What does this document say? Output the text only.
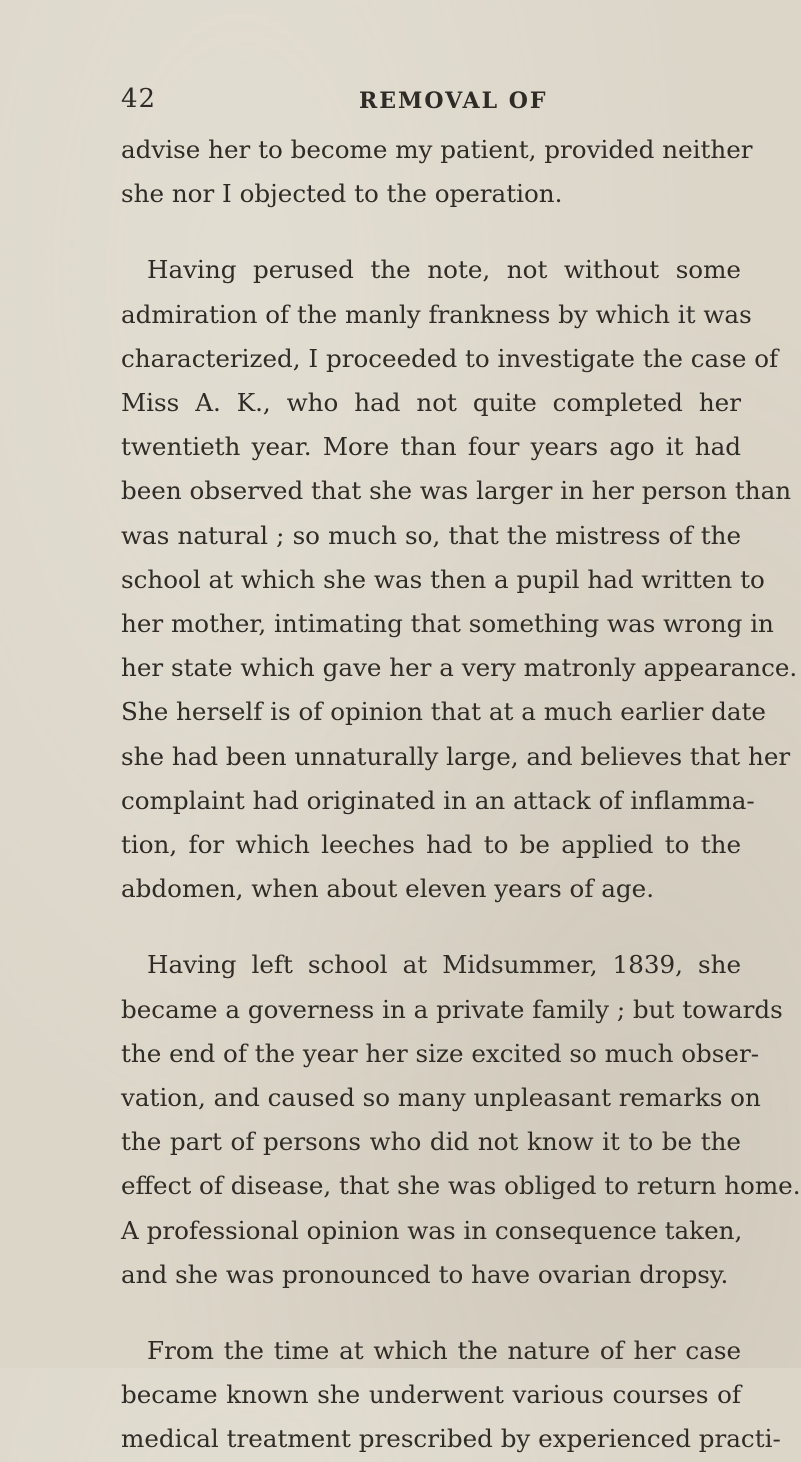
42	REMOVAL OF
advise her to become my patient, provided neither
she nor I objected to the operation.
Having perused the note, not without some
admiration of the manly frankness by which it was
characterized, I proceeded to investigate the case of
Miss A. K., who had not quite completed her
twentieth year. More than four years ago it had
been observed that she was larger in her person than
was natural ; so much so, that the mistress of the
school at which she was then a pupil had written to
her mother, intimating that something was wrong in
her state which gave her a very matronly appearance.
She herself is of opinion that at a much earlier date
she had been unnaturally large, and believes that her
complaint had originated in an attack of inflamma-
tion, for which leeches had to be applied to the
abdomen, when about eleven years of age.
Having left school at Midsummer, 1839, she
became a governess in a private family ; but towards
the end of the year her size excited so much obser-
vation, and caused so many unpleasant remarks on
the part of persons who did not know it to be the
effect of disease, that she was obliged to return home.
A professional opinion was in consequence taken,
and she was pronounced to have ovarian dropsy.
From the time at which the nature of her case
became known she underwent various courses of
medical treatment prescribed by experienced practi-
